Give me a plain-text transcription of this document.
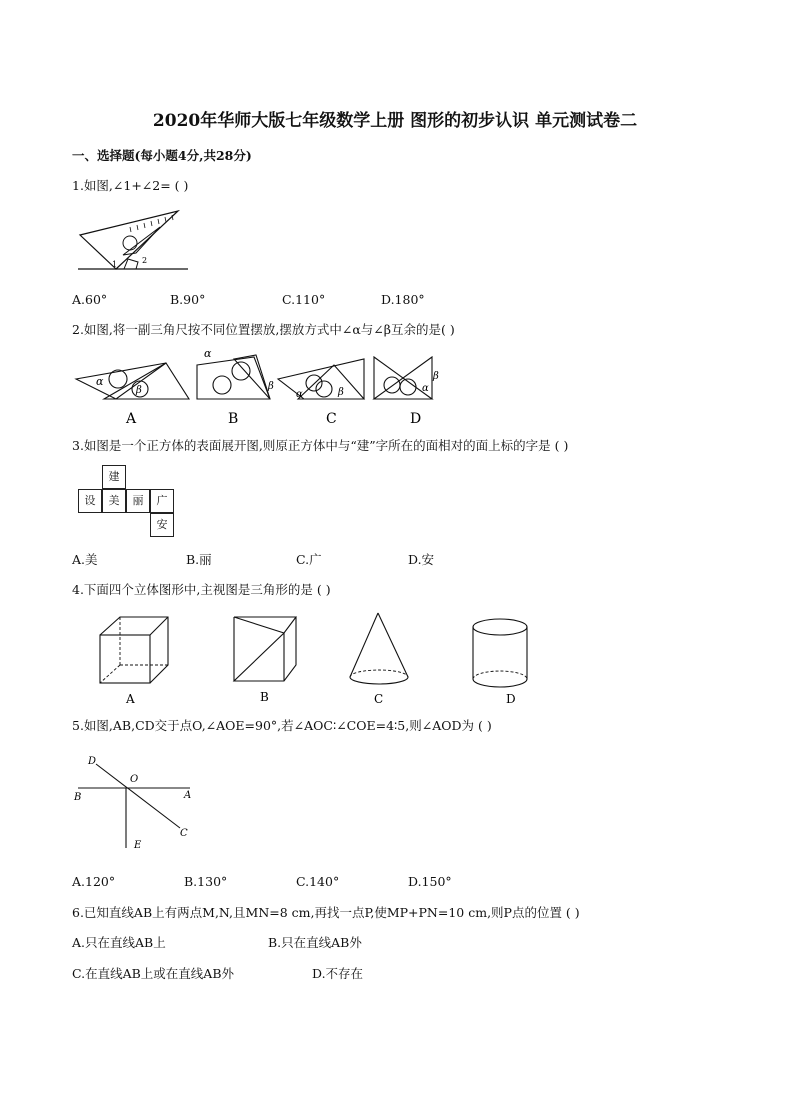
2020年华师大版七年级数学上册 图形的初步认识 单元测试卷二
一、选择题(每小题4分,共28分)
1.如图,∠1+∠2= ( )
1	2
A.60°	B.90°	C.110°	D.180°
2.如图,将一副三角尺按不同位置摆放,摆放方式中∠α与∠β互余的是( )
α
β
A
α
β
B
α	β
C
β
α
D
3.如图是一个正方体的表面展开图,则原正方体中与“建”字所在的面相对的面上标的字是 ( )
建
设	美	丽	广
安
A.美	B.丽	C.广	D.安
4.下面四个立体图形中,主视图是三角形的是 ( )
A	B	C	D
5.如图,AB,CD交于点O,∠AOE=90°,若∠AOC∶∠COE=4∶5,则∠AOD为 ( )
D
O
B	A
C
E
A.120°	B.130°	C.140°	D.150°
6.已知直线AB上有两点M,N,且MN=8 cm,再找一点P,使MP+PN=10 cm,则P点的位置 ( )
A.只在直线AB上	B.只在直线AB外
C.在直线AB上或在直线AB外	D.不存在
